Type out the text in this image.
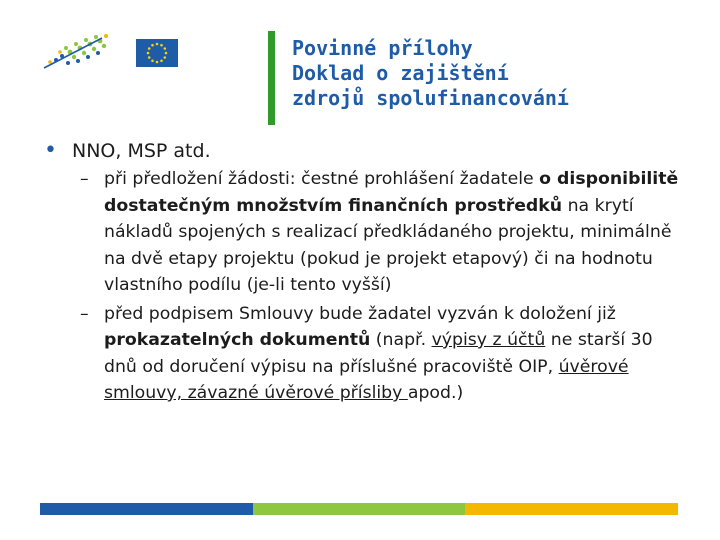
Povinné přílohy
Doklad o zajištění
zdrojů spolufinancování
• NNO, MSP atd.
– při předložení žádosti: čestné prohlášení žadatele o disponibilitě dostatečným množstvím finančních prostředků na krytí nákladů spojených s realizací předkládaného projektu, minimálně na dvě etapy projektu (pokud je projekt etapový) či na hodnotu vlastního podílu (je-li tento vyšší)
– před podpisem Smlouvy bude žadatel vyzván k doložení již prokazatelných dokumentů (např. výpisy z účtů ne starší 30 dnů od doručení výpisu na příslušné pracoviště OIP, úvěrové smlouvy, závazné úvěrové přísliby apod.)
